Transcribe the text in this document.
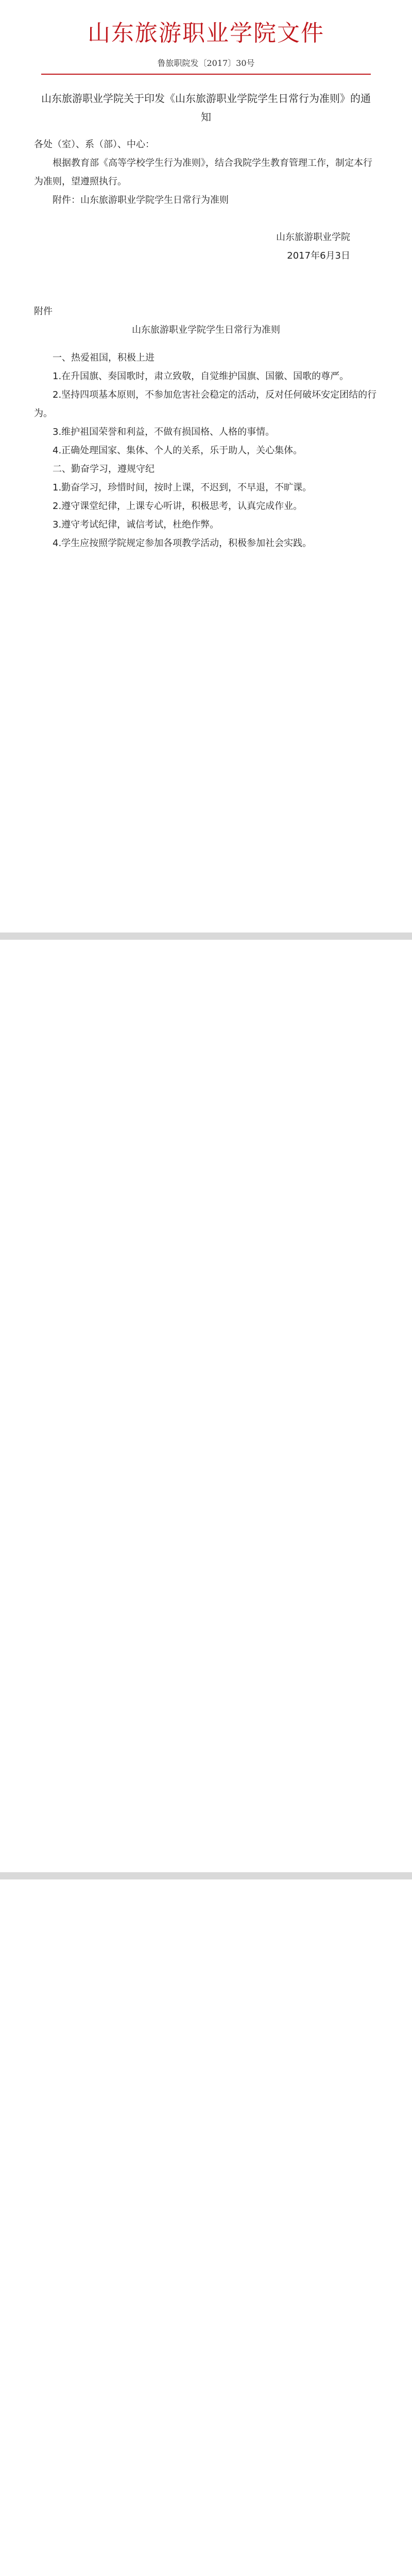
山东旅游职业学院文件
鲁旅职院发〔2017〕30号
山东旅游职业学院关于印发《山东旅游职业学院学生日常行为准则》的通知
各处（室）、系（部）、中心：
根据教育部《高等学校学生行为准则》，结合我院学生教育管理工作，制定本行为准则，望遵照执行。
附件：山东旅游职业学院学生日常行为准则
山东旅游职业学院
2017年6月3日
附件
山东旅游职业学院学生日常行为准则
一、热爱祖国，积极上进
1.在升国旗、奏国歌时，肃立致敬，自觉维护国旗、国徽、国歌的尊严。
2.坚持四项基本原则，不参加危害社会稳定的活动，反对任何破坏安定团结的行为。
3.维护祖国荣誉和利益，不做有损国格、人格的事情。
4.正确处理国家、集体、个人的关系，乐于助人，关心集体。
二、勤奋学习，遵规守纪
1.勤奋学习，珍惜时间，按时上课，不迟到，不早退，不旷课。
2.遵守课堂纪律，上课专心听讲，积极思考，认真完成作业。
3.遵守考试纪律，诚信考试，杜绝作弊。
4.学生应按照学院规定参加各项教学活动，积极参加社会实践。
